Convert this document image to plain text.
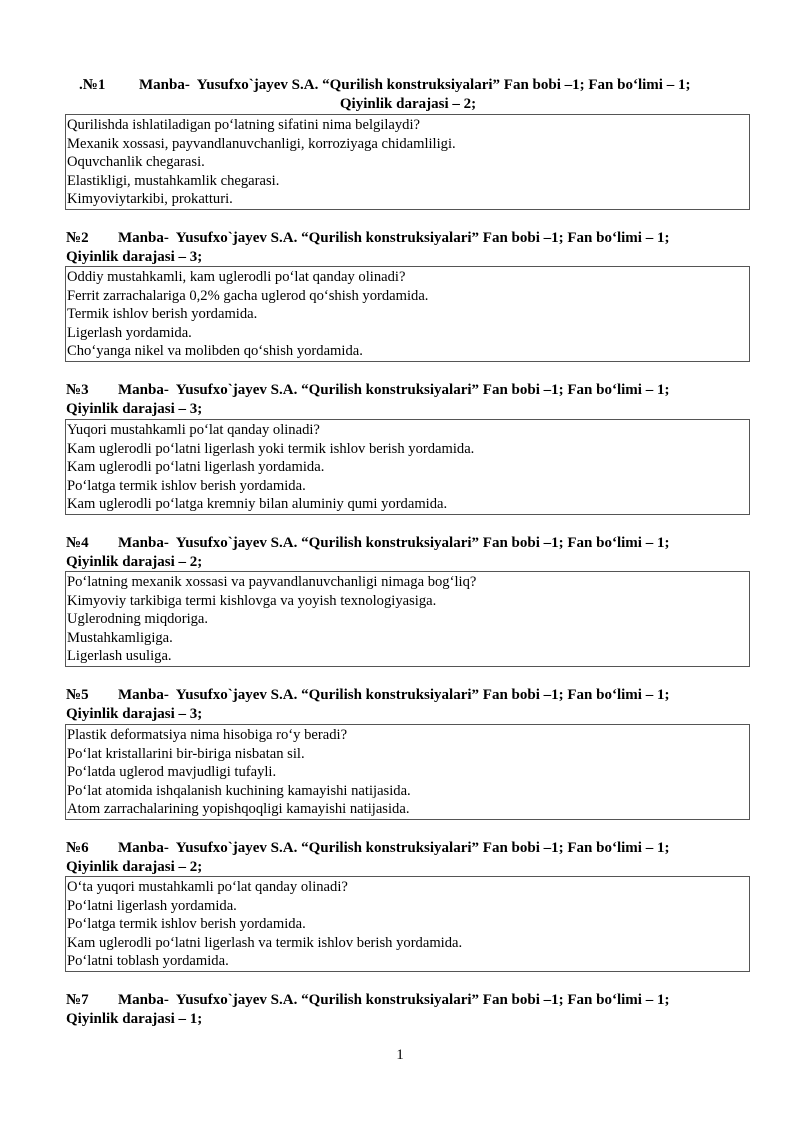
.№1 Manba-  Yusufxo`jayev S.A. “Qurilish konstruksiyalari” Fan bobi –1; Fan bo‘limi – 1;
Qiyinlik darajasi – 2;
Qurilishda ishlatiladigan po‘latning sifatini nima belgilaydi?
Mexanik xossasi, payvandlanuvchanligi, korroziyaga chidamliligi.
Oquvchanlik chegarasi.
Elastikligi, mustahkamlik chegarasi.
Kimyoviytarkibi, prokatturi.
№2 Manba-  Yusufxo`jayev S.A. “Qurilish konstruksiyalari” Fan bobi –1; Fan bo‘limi – 1;
Qiyinlik darajasi – 3;
Oddiy mustahkamli, kam uglerodli po‘lat qanday olinadi?
Ferrit zarrachalariga 0,2% gacha uglerod qo‘shish yordamida.
Termik ishlov berish yordamida.
Ligerlash yordamida.
Cho‘yanga nikel va molibden qo‘shish yordamida.
№3 Manba-  Yusufxo`jayev S.A. “Qurilish konstruksiyalari” Fan bobi –1; Fan bo‘limi – 1;
Qiyinlik darajasi – 3;
Yuqori mustahkamli po‘lat qanday olinadi?
Kam uglerodli po‘latni ligerlash yoki termik ishlov berish yordamida.
Kam uglerodli po‘latni ligerlash yordamida.
Po‘latga termik ishlov berish yordamida.
Kam uglerodli po‘latga kremniy bilan aluminiy qumi yordamida.
№4 Manba-  Yusufxo`jayev S.A. “Qurilish konstruksiyalari” Fan bobi –1; Fan bo‘limi – 1;
Qiyinlik darajasi – 2;
Po‘latning mexanik xossasi va payvandlanuvchanligi nimaga bog‘liq?
Kimyoviy tarkibiga termi kishlovga va yoyish texnologiyasiga.
Uglerodning miqdoriga.
Mustahkamligiga.
Ligerlash usuliga.
№5 Manba-  Yusufxo`jayev S.A. “Qurilish konstruksiyalari” Fan bobi –1; Fan bo‘limi – 1;
Qiyinlik darajasi – 3;
Plastik deformatsiya nima hisobiga ro‘y beradi?
Po‘lat kristallarini bir-biriga nisbatan sil.
Po‘latda uglerod mavjudligi tufayli.
Po‘lat atomida ishqalanish kuchining kamayishi natijasida.
Atom zarrachalarining yopishqoqligi kamayishi natijasida.
№6 Manba-  Yusufxo`jayev S.A. “Qurilish konstruksiyalari” Fan bobi –1; Fan bo‘limi – 1;
Qiyinlik darajasi – 2;
O‘ta yuqori mustahkamli po‘lat qanday olinadi?
Po‘latni ligerlash yordamida.
Po‘latga termik ishlov berish yordamida.
Kam uglerodli po‘latni ligerlash va termik ishlov berish yordamida.
Po‘latni toblash yordamida.
№7 Manba-  Yusufxo`jayev S.A. “Qurilish konstruksiyalari” Fan bobi –1; Fan bo‘limi – 1;
Qiyinlik darajasi – 1;
1
